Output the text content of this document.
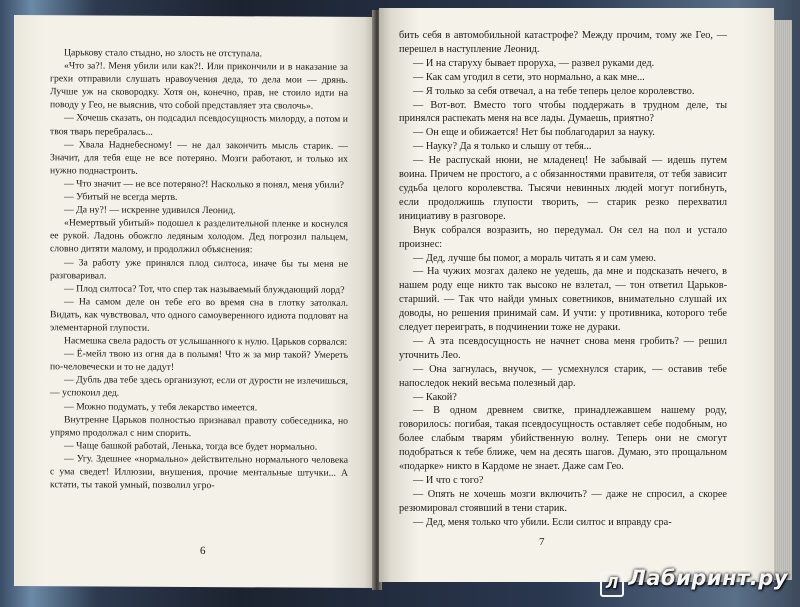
Царькову стало стыдно, но злость не отступала.

«Что за?!. Меня убили или как?!. Или прикончили и в наказание за грехи отправили слушать нравоучения деда, то дела мои — дрянь. Лучше уж на сковородку. Хотя он, конечно, прав, не стоило идти на поводу у Гео, не выяснив, что собой представляет эта сволочь».

— Хочешь сказать, он подсадил псевдосущность милорду, а потом и твоя тварь перебралась...

— Хвала Наднебесному! — не дал закончить мысль старик. — Значит, для тебя еще не все потеряно. Мозги работают, и только их нужно поднастроить.

— Что значит — не все потеряно?! Насколько я понял, меня убили?

— Убитый не всегда мертв.

— Да ну?! — искренне удивился Леонид.

«Немертвый убитый» подошел к разделительной пленке и коснулся ее рукой. Ладонь обожгло ледяным холодом. Дед погрозил пальцем, словно дитяти малому, и продолжил объяснения:

— За работу уже принялся плод силтоса, иначе бы ты меня не разговаривал.

— Плод силтоса? Тот, что спер так называемый блуждающий лорд?

— На самом деле он тебе его во время сна в глотку затолкал. Видать, как чувствовал, что одного самоуверенного идиота подловят на элементарной глупости.

Насмешка свела радость от услышанного к нулю. Царьков сорвался:

— Ё-мейл твою из огня да в полымя! Что ж за мир такой? Умереть по-человечески и то не дадут!

— Дубль два тебе здесь организуют, если от дурости не излечишься, — успокоил дед.

— Можно подумать, у тебя лекарство имеется.

Внутренне Царьков полностью признавал правоту собеседника, но упрямо продолжал с ним спорить.

— Чаще башкой работай, Ленька, тогда все будет нормально.

— Угу. Здешнее «нормально» действительно нормального человека с ума сведет! Иллюзии, внушения, прочие ментальные штучки... А кстати, ты такой умный, позволил угро-

6

бить себя в автомобильной катастрофе? Между прочим, тому же Гео, — перешел в наступление Леонид.

— И на старуху бывает проруха, — развел руками дед.

— Как сам угодил в сети, это нормально, а как мне...

— Я только за себя отвечал, а на тебе теперь целое королевство.

— Вот-вот. Вместо того чтобы поддержать в трудном деле, ты принялся распекать меня на все лады. Думаешь, приятно?

— Он еще и обижается! Нет бы поблагодарил за науку.

— Науку? Да я только и слышу от тебя...

— Не распускай нюни, не младенец! Не забывай — идешь путем воина. Причем не простого, а с обязанностями правителя, от тебя зависит судьба целого королевства. Тысячи невинных людей могут погибнуть, если продолжишь глупости творить, — старик резко перехватил инициативу в разговоре.

Внук собрался возразить, но передумал. Он сел на пол и устало произнес:

— Дед, лучше бы помог, а мораль читать я и сам умею.

— На чужих мозгах далеко не уедешь, да мне и подсказать нечего, в нашем роду еще никто так высоко не взлетал, — тон ответил Царьков-старший. — Так что найди умных советников, внимательно слушай их доводы, но решения принимай сам. И учти: у противника, которого тебе следует переиграть, в подчинении тоже не дураки.

— А эта псевдосущность не начнет снова меня гробить? — решил уточнить Лео.

— Она загнулась, внучок, — усмехнулся старик, — оставив тебе напоследок некий весьма полезный дар.

— Какой?

— В одном древнем свитке, принадлежавшем нашему роду, говорилось: погибая, такая псевдосущность оставляет себе подобным, но более слабым тварям убийственную волну. Теперь они не смогут подобраться к тебе ближе, чем на десять шагов. Думаю, это прощальном «подарке» никто в Кардоме не знает. Даже сам Гео.

— И что с того?

— Опять не хочешь мозги включить? — даже не спросил, а скорее резюмировал стоявший в тени старик.

— Дед, меня только что убили. Если силтос и вправду сра-

7
Л Лабиринт.ру
